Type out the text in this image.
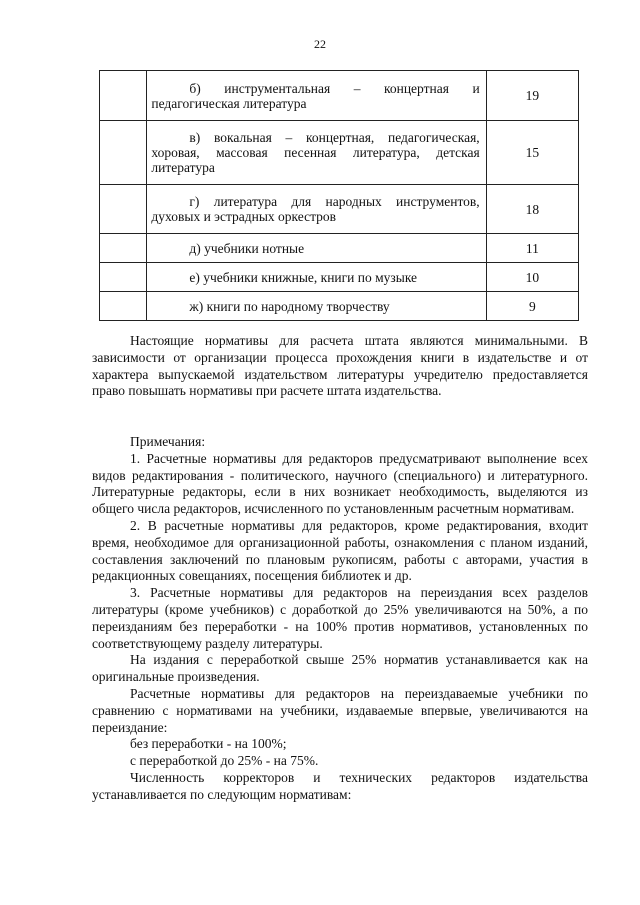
22
	б) инструментальная – концертная и педагогическая литература	19
	в) вокальная – концертная, педагогическая, хоровая, массовая песенная литература, детская литература	15
	г) литература для народных инструментов, духовых и эстрадных оркестров	18
	д) учебники нотные	11
	е) учебники книжные, книги по музыке	10
	ж) книги по народному творчеству	9

Настоящие нормативы для расчета штата являются минимальными. В зависимости от организации процесса прохождения книги в издательстве и от характера выпускаемой издательством литературы учредителю предоставляется право повышать нормативы при расчете штата издательства.

Примечания:

1. Расчетные нормативы для редакторов предусматривают выполнение всех видов редактирования - политического, научного (специального) и литературного. Литературные редакторы, если в них возникает необходимость, выделяются из общего числа редакторов, исчисленного по установленным расчетным нормативам.

2. В расчетные нормативы для редакторов, кроме редактирования, входит время, необходимое для организационной работы, ознакомления с планом изданий, составления заключений по плановым рукописям, работы с авторами, участия в редакционных совещаниях, посещения библиотек и др.

3. Расчетные нормативы для редакторов на переиздания всех разделов литературы (кроме учебников) с доработкой до 25% увеличиваются на 50%, а по переизданиям без переработки - на 100% против нормативов, установленных по соответствующему разделу литературы.

На издания с переработкой свыше 25% норматив устанавливается как на оригинальные произведения.

Расчетные нормативы для редакторов на переиздаваемые учебники по сравнению с нормативами на учебники, издаваемые впервые, увеличиваются на переиздание:

без переработки - на 100%;

с переработкой до 25% - на 75%.

Численность корректоров и технических редакторов издательства устанавливается по следующим нормативам:
